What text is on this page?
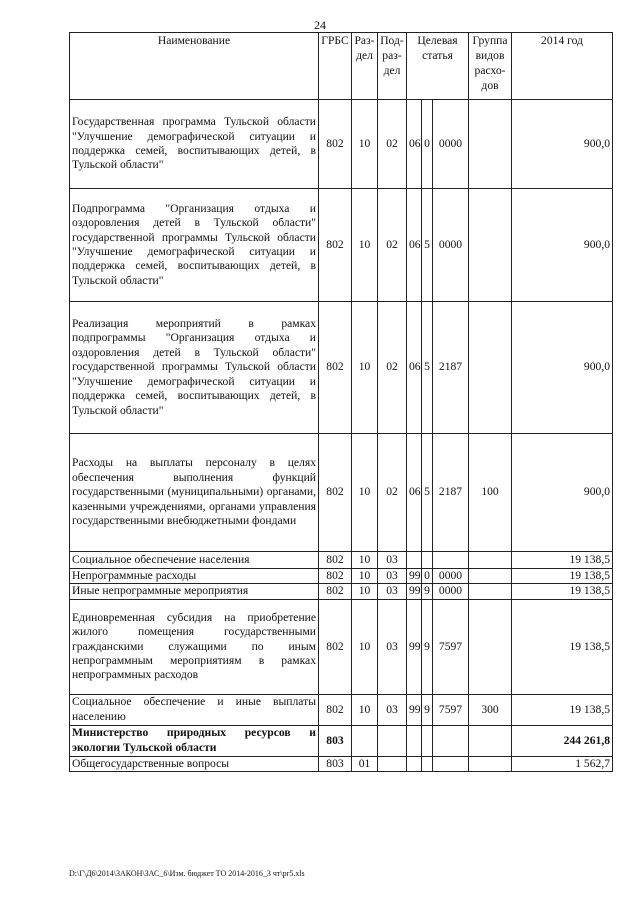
24
Наименование	ГРБС	Раз-дел	Под-раз-дел	Целевая статья			Группа видов расхо-дов	2014 год
Государственная программа Тульской области "Улучшение демографической ситуации и поддержка семей, воспитывающих детей, в Тульской области"	802	10	02	06	0	0000		900,0
Подпрограмма "Организация отдыха и оздоровления детей в Тульской области" государственной программы Тульской области "Улучшение демографической ситуации и поддержка семей, воспитывающих детей, в Тульской области"	802	10	02	06	5	0000		900,0
Реализация мероприятий в рамках подпрограммы "Организация отдыха и оздоровления детей в Тульской области" государственной программы Тульской области "Улучшение демографической ситуации и поддержка семей, воспитывающих детей, в Тульской области"	802	10	02	06	5	2187		900,0
Расходы на выплаты персоналу в целях обеспечения выполнения функций государственными (муниципальными) органами, казенными учреждениями, органами управления государственными внебюджетными фондами	802	10	02	06	5	2187	100	900,0
Социальное обеспечение населения	802	10	03					19 138,5
Непрограммные расходы	802	10	03	99	0	0000		19 138,5
Иные непрограммные мероприятия	802	10	03	99	9	0000		19 138,5
Единовременная субсидия на приобретение жилого помещения государственными гражданскими служащими по иным непрограммным мероприятиям в рамках непрограммных расходов	802	10	03	99	9	7597		19 138,5
Социальное обеспечение и иные выплаты населению	802	10	03	99	9	7597	300	19 138,5
Министерство природных ресурсов и экологии Тульской области	803							244 261,8
Общегосударственные вопросы	803	01						1 562,7
D:\Г\Д6\2014\ЗАКОН\ЗАС_6\Изм. бюджет ТО 2014-2016_3 чт\pr5.xls
